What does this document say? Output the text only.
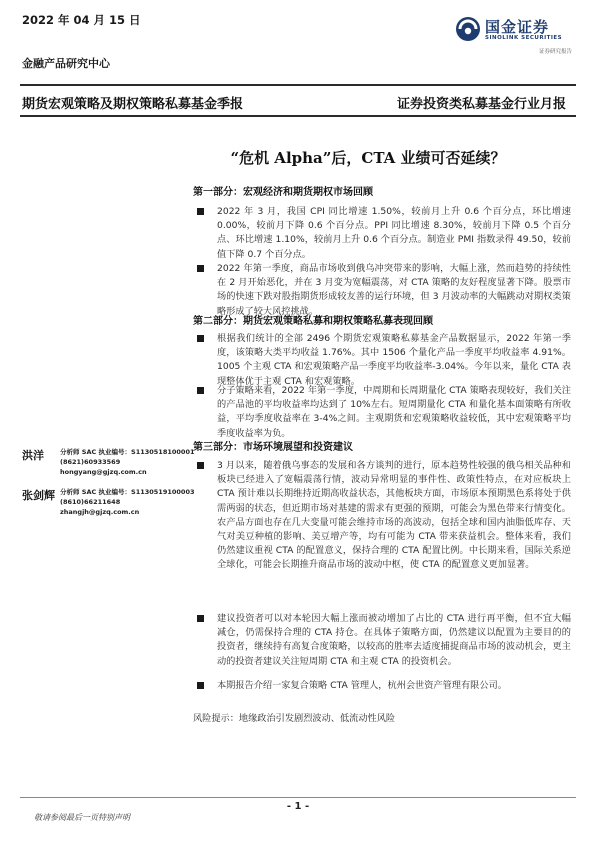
2022 年 04 月 15 日	国金证券
SINOLINK SECURITIES
证券研究报告
金融产品研究中心
期货宏观策略及期权策略私募基金季报	证券投资类私募基金行业月报
“危机 Alpha”后，CTA 业绩可否延续？
第一部分：宏观经济和期货期权市场回顾
2022 年 3 月，我国 CPI 同比增速 1.50%，较前月上升 0.6 个百分点，环比增速 0.00%，较前月下降 0.6 个百分点。PPI 同比增速 8.30%，较前月下降 0.5 个百分点、环比增速 1.10%，较前月上升 0.6 个百分点。制造业 PMI 指数录得 49.50，较前值下降 0.7 个百分点。
2022 年第一季度，商品市场收到俄乌冲突带来的影响，大幅上涨，然而趋势的持续性在 2 月开始恶化，并在 3 月变为宽幅震荡，对 CTA 策略的友好程度显著下降。股票市场的快速下跌对股指期货形成较友善的运行环境，但 3 月波动率的大幅跳动对期权类策略形成了较大风控挑战。
第二部分：期货宏观策略私募和期权策略私募表现回顾
根据我们统计的全部 2496 个期货宏观策略私募基金产品数据显示，2022 年第一季度，该策略大类平均收益 1.76%。其中 1506 个量化产品一季度平均收益率 4.91%。1005 个主观 CTA 和宏观策略产品一季度平均收益率-3.04%。今年以来，量化 CTA 表现整体优于主观 CTA 和宏观策略。
分子策略来看，2022 年第一季度，中周期和长周期量化 CTA 策略表现较好，我们关注的产品池的平均收益率均达到了 10%左右。短周期量化 CTA 和量化基本面策略有所收益，平均季度收益率在 3-4%之间。主观期货和宏观策略收益较低，其中宏观策略平均季度收益率为负。
第三部分：市场环境展望和投资建议
3 月以来，随着俄乌事态的发展和各方谈判的进行，原本趋势性较强的俄乌相关品种和板块已经进入了宽幅震荡行情，波动异常明显的事件性、政策性特点，在对应板块上 CTA 预计难以长期维持近期高收益状态，其他板块方面，市场原本预期黑色系将处于供需两弱的状态，但近期市场对基建的需求有更强的预期，可能会为黑色带来行情变化。农产品方面也存在几大变量可能会维持市场的高波动，包括全球和国内油脂低库存、天气对美豆种植的影响、美豆增产等，均有可能为 CTA 带来获益机会。整体来看，我们仍然建议重视 CTA 的配置意义，保持合理的 CTA 配置比例。中长期来看，国际关系逆全球化，可能会长期推升商品市场的波动中枢，使 CTA 的配置意义更加显著。
建议投资者可以对本轮因大幅上涨而被动增加了占比的 CTA 进行再平衡，但不宜大幅减仓，仍需保持合理的 CTA 持仓。在具体子策略方面，仍然建议以配置为主要目的的投资者，继续持有高复合度策略，以较高的胜率去适度捕捉商品市场的波动机会，更主动的投资者建议关注短周期 CTA 和主观 CTA 的投资机会。
本期报告介绍一家复合策略 CTA 管理人，杭州会世资产管理有限公司。
洪洋 分析师 SAC 执业编号：S1130518100001
(8621)60933569
hongyang@gjzq.com.cn
张剑辉 分析师 SAC 执业编号：S1130519100003
(8610)66211648
zhangjh@gjzq.com.cn
风险提示：地缘政治引发剧烈波动、低流动性风险
- 1 -
敬请参阅最后一页特别声明
